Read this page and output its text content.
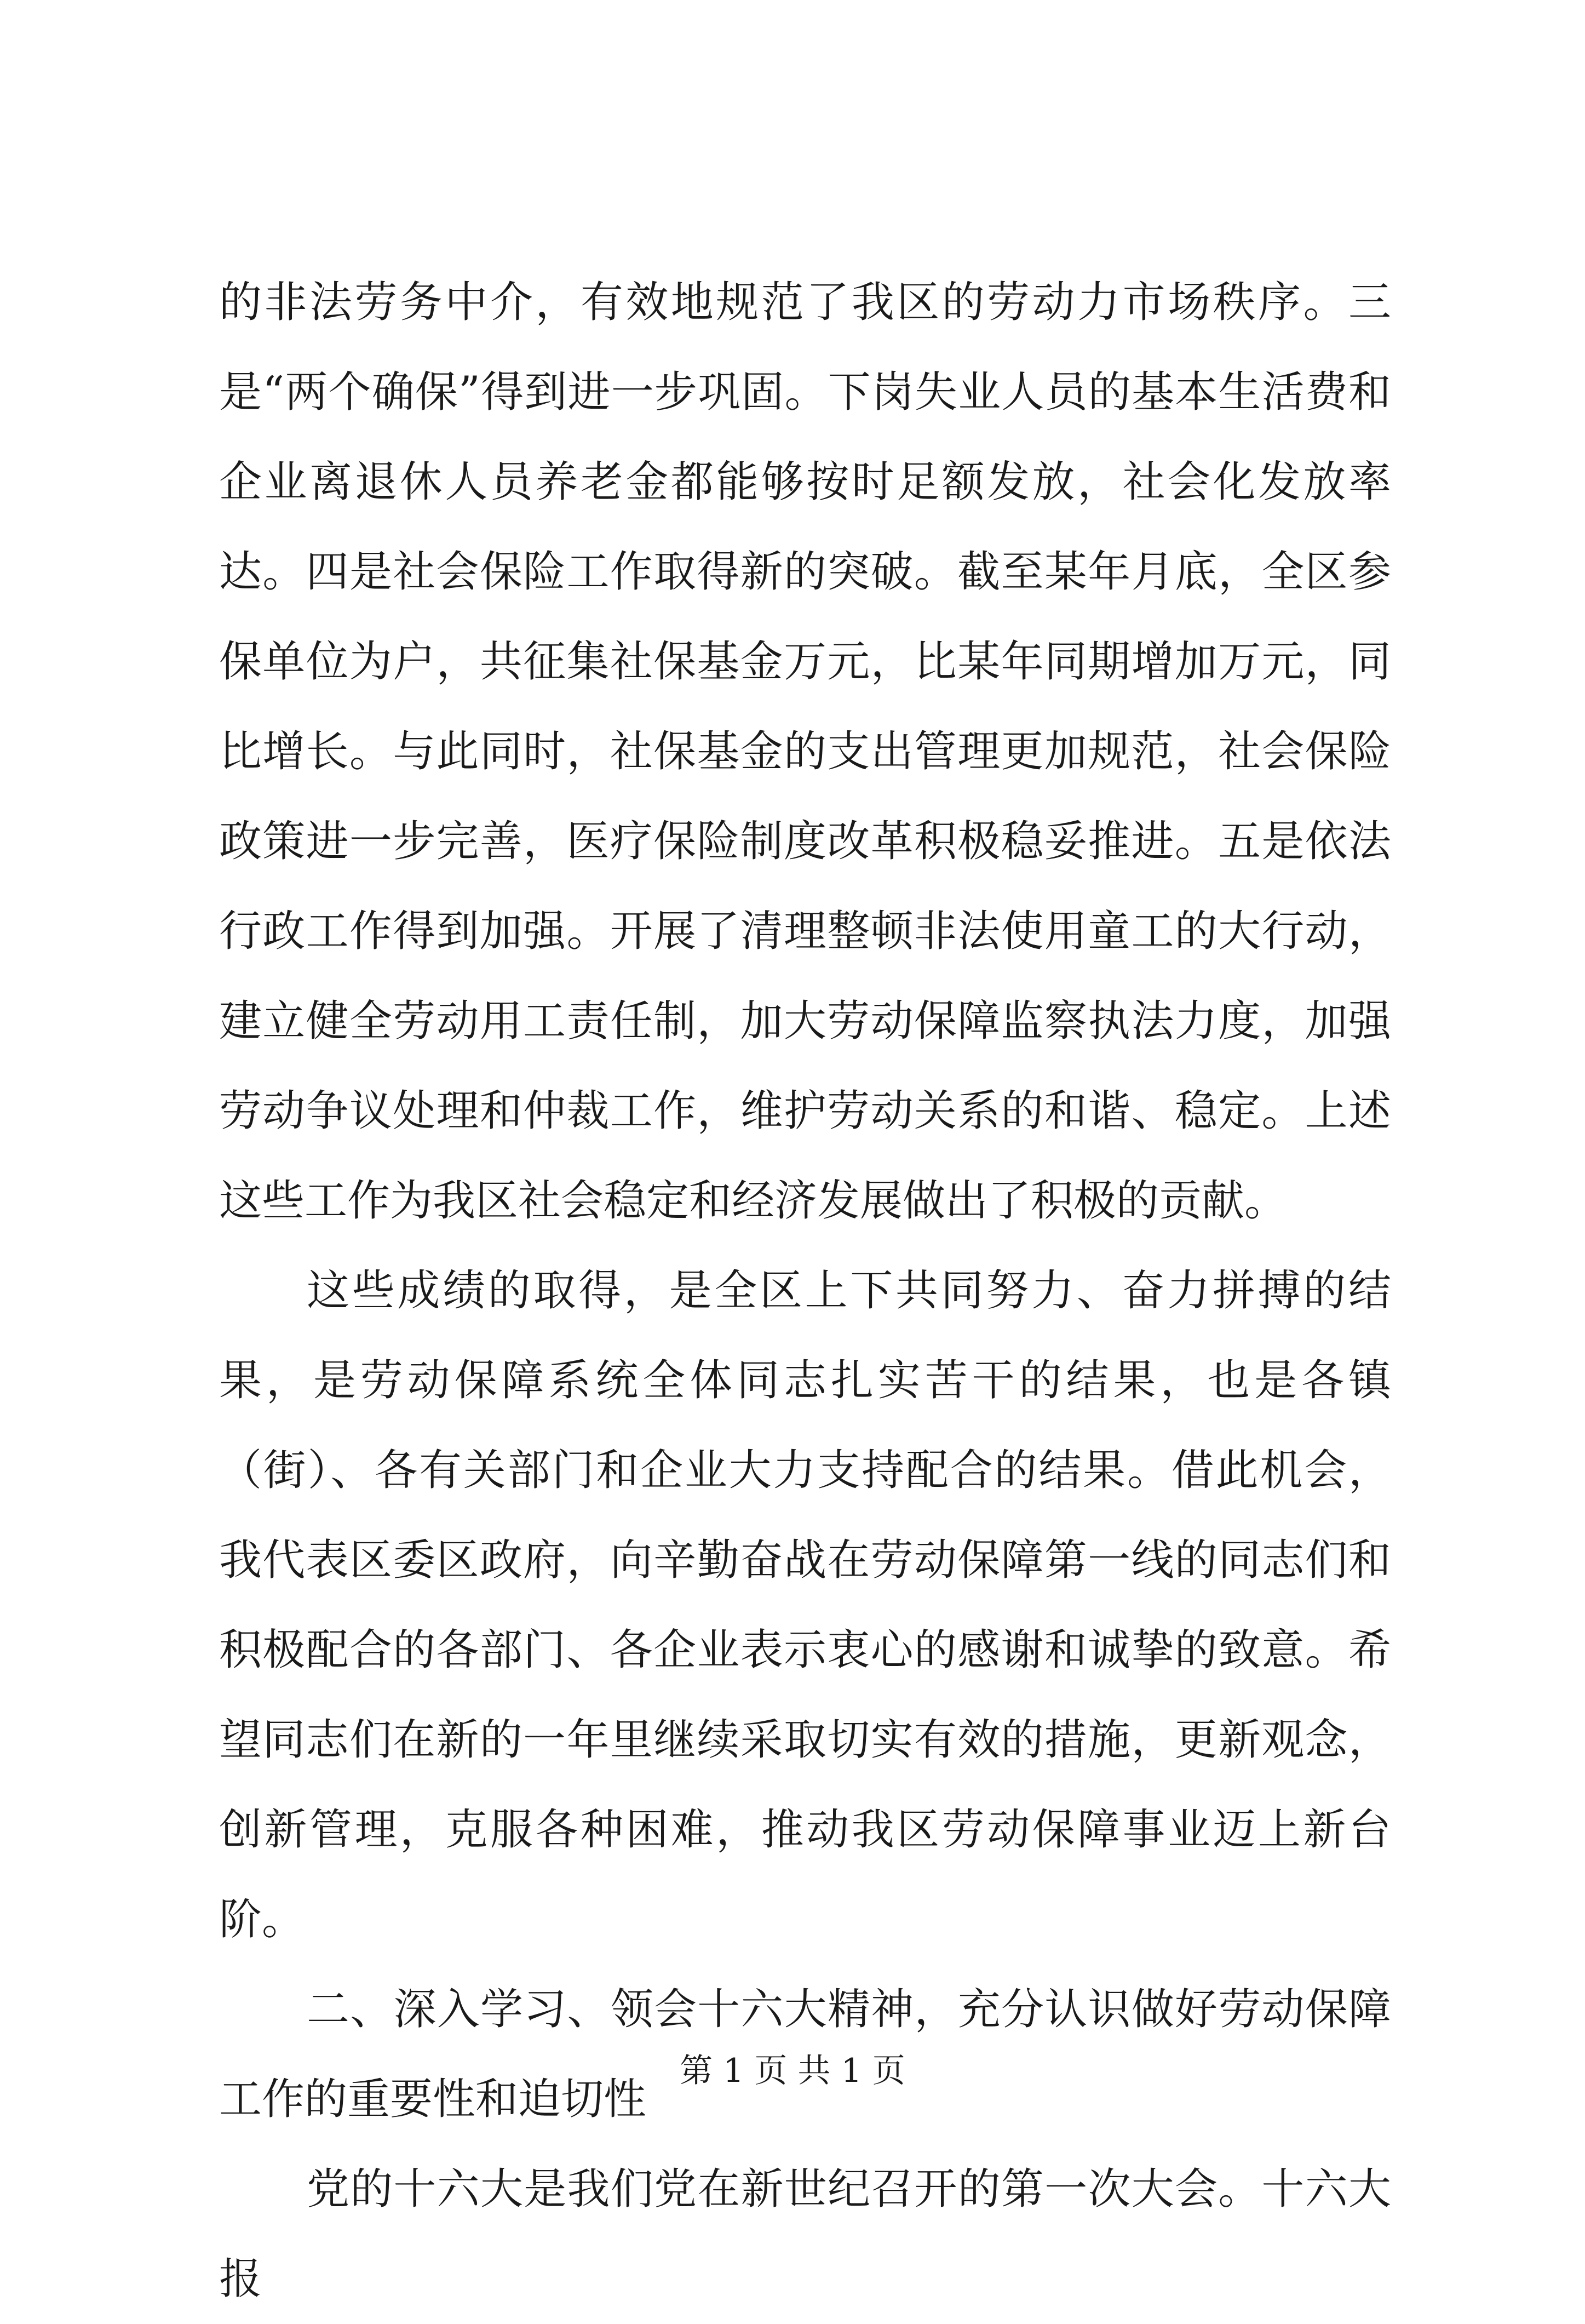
的非法劳务中介，有效地规范了我区的劳动力市场秩序。三是“两个确保”得到进一步巩固。下岗失业人员的基本生活费和企业离退休人员养老金都能够按时足额发放，社会化发放率达。四是社会保险工作取得新的突破。截至某年月底，全区参保单位为户，共征集社保基金万元，比某年同期增加万元，同比增长。与此同时，社保基金的支出管理更加规范，社会保险政策进一步完善，医疗保险制度改革积极稳妥推进。五是依法行政工作得到加强。开展了清理整顿非法使用童工的大行动，建立健全劳动用工责任制，加大劳动保障监察执法力度，加强劳动争议处理和仲裁工作，维护劳动关系的和谐、稳定。上述这些工作为我区社会稳定和经济发展做出了积极的贡献。

这些成绩的取得，是全区上下共同努力、奋力拼搏的结果，是劳动保障系统全体同志扎实苦干的结果，也是各镇（街）、各有关部门和企业大力支持配合的结果。借此机会，我代表区委区政府，向辛勤奋战在劳动保障第一线的同志们和积极配合的各部门、各企业表示衷心的感谢和诚挚的致意。希望同志们在新的一年里继续采取切实有效的措施，更新观念，创新管理，克服各种困难，推动我区劳动保障事业迈上新台阶。

二、深入学习、领会十六大精神，充分认识做好劳动保障工作的重要性和迫切性

党的十六大是我们党在新世纪召开的第一次大会。十六大报

第 1 页 共 1 页
